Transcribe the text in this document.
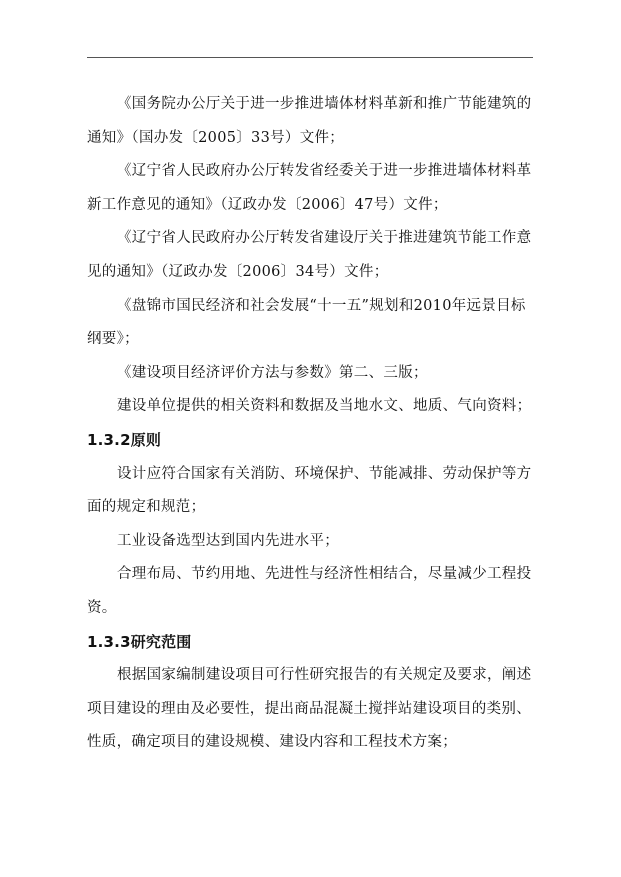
《国务院办公厅关于进一步推进墙体材料革新和推广节能建筑的通知》（国办发〔2005〕33号）文件；

《辽宁省人民政府办公厅转发省经委关于进一步推进墙体材料革新工作意见的通知》（辽政办发〔2006〕47号）文件；

《辽宁省人民政府办公厅转发省建设厅关于推进建筑节能工作意见的通知》（辽政办发〔2006〕34号）文件；

《盘锦市国民经济和社会发展“十一五”规划和2010年远景目标纲要》；

《建设项目经济评价方法与参数》第二、三版；

建设单位提供的相关资料和数据及当地水文、地质、气向资料；

1.3.2原则

设计应符合国家有关消防、环境保护、节能减排、劳动保护等方面的规定和规范；

工业设备选型达到国内先进水平；

合理布局、节约用地、先进性与经济性相结合，尽量减少工程投资。

1.3.3研究范围

根据国家编制建设项目可行性研究报告的有关规定及要求，阐述项目建设的理由及必要性，提出商品混凝土搅拌站建设项目的类别、性质，确定项目的建设规模、建设内容和工程技术方案；
